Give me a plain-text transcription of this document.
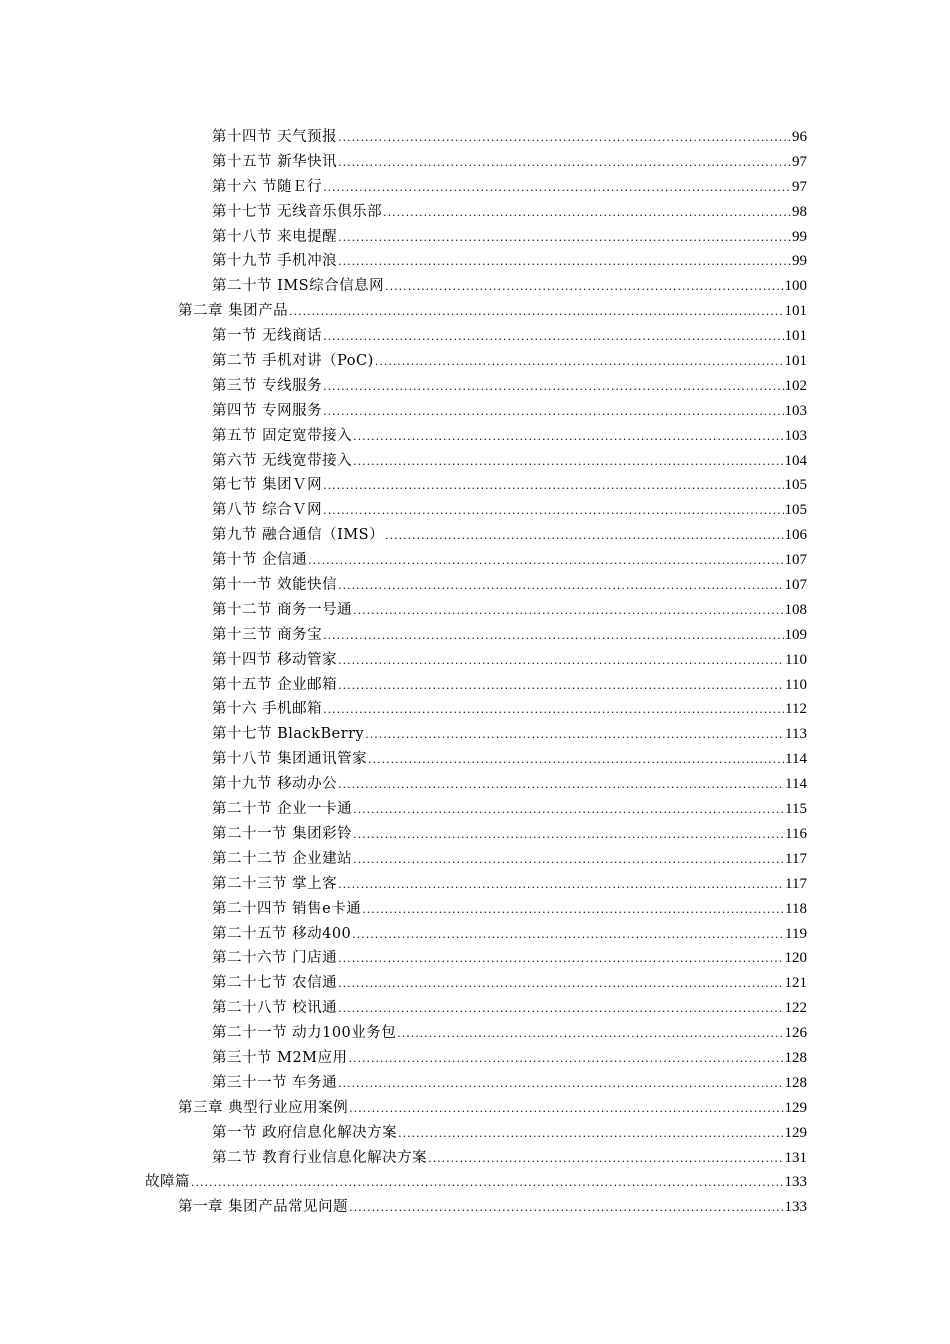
第十四节 天气预报 .....	96
第十五节 新华快讯 .....	97
第十六 节随Ｅ行 .....	97
第十七节 无线音乐俱乐部 .....	98
第十八节 来电提醒 .....	99
第十九节 手机冲浪 .....	99
第二十节 IMS综合信息网 .....	100
第二章 集团产品 .....	101
第一节 无线商话 .....	101
第二节 手机对讲（PoC) .....	101
第三节 专线服务 .....	102
第四节 专网服务 .....	103
第五节 固定宽带接入 .....	103
第六节 无线宽带接入 .....	104
第七节 集团Ｖ网 .....	105
第八节 综合Ｖ网 .....	105
第九节 融合通信（IMS） .....	106
第十节 企信通 .....	107
第十一节 效能快信 .....	107
第十二节 商务一号通 .....	108
第十三节 商务宝 .....	109
第十四节 移动管家 .....	110
第十五节 企业邮箱 .....	110
第十六 手机邮箱 .....	112
第十七节 BlackBerry .....	113
第十八节 集团通讯管家 .....	114
第十九节 移动办公 .....	114
第二十节 企业一卡通 .....	115
第二十一节 集团彩铃 .....	116
第二十二节 企业建站 .....	117
第二十三节 掌上客 .....	117
第二十四节 销售e卡通 .....	118
第二十五节 移动400 .....	119
第二十六节 门店通 .....	120
第二十七节 农信通 .....	121
第二十八节 校讯通 .....	122
第二十一节 动力100业务包 .....	126
第三十节 M2M应用 .....	128
第三十一节 车务通 .....	128
第三章 典型行业应用案例 .....	129
第一节 政府信息化解决方案 .....	129
第二节 教育行业信息化解决方案 .....	131
故障篇 .....	133
第一章 集团产品常见问题 .....	133
